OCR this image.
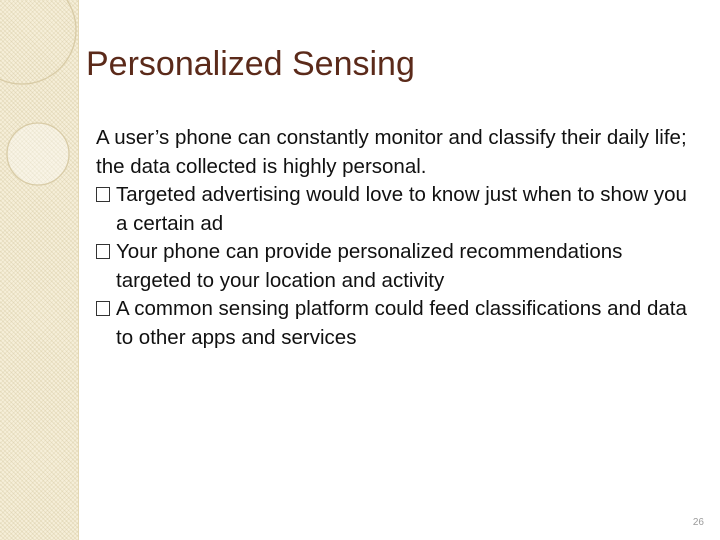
Personalized Sensing

A user’s phone can constantly monitor and classify their daily life; the data collected is highly personal.

Targeted advertising would love to know just when to show you a certain ad
Your phone can provide personalized recommendations targeted to your location and activity
A common sensing platform could feed classifications and data to other apps and services
26
